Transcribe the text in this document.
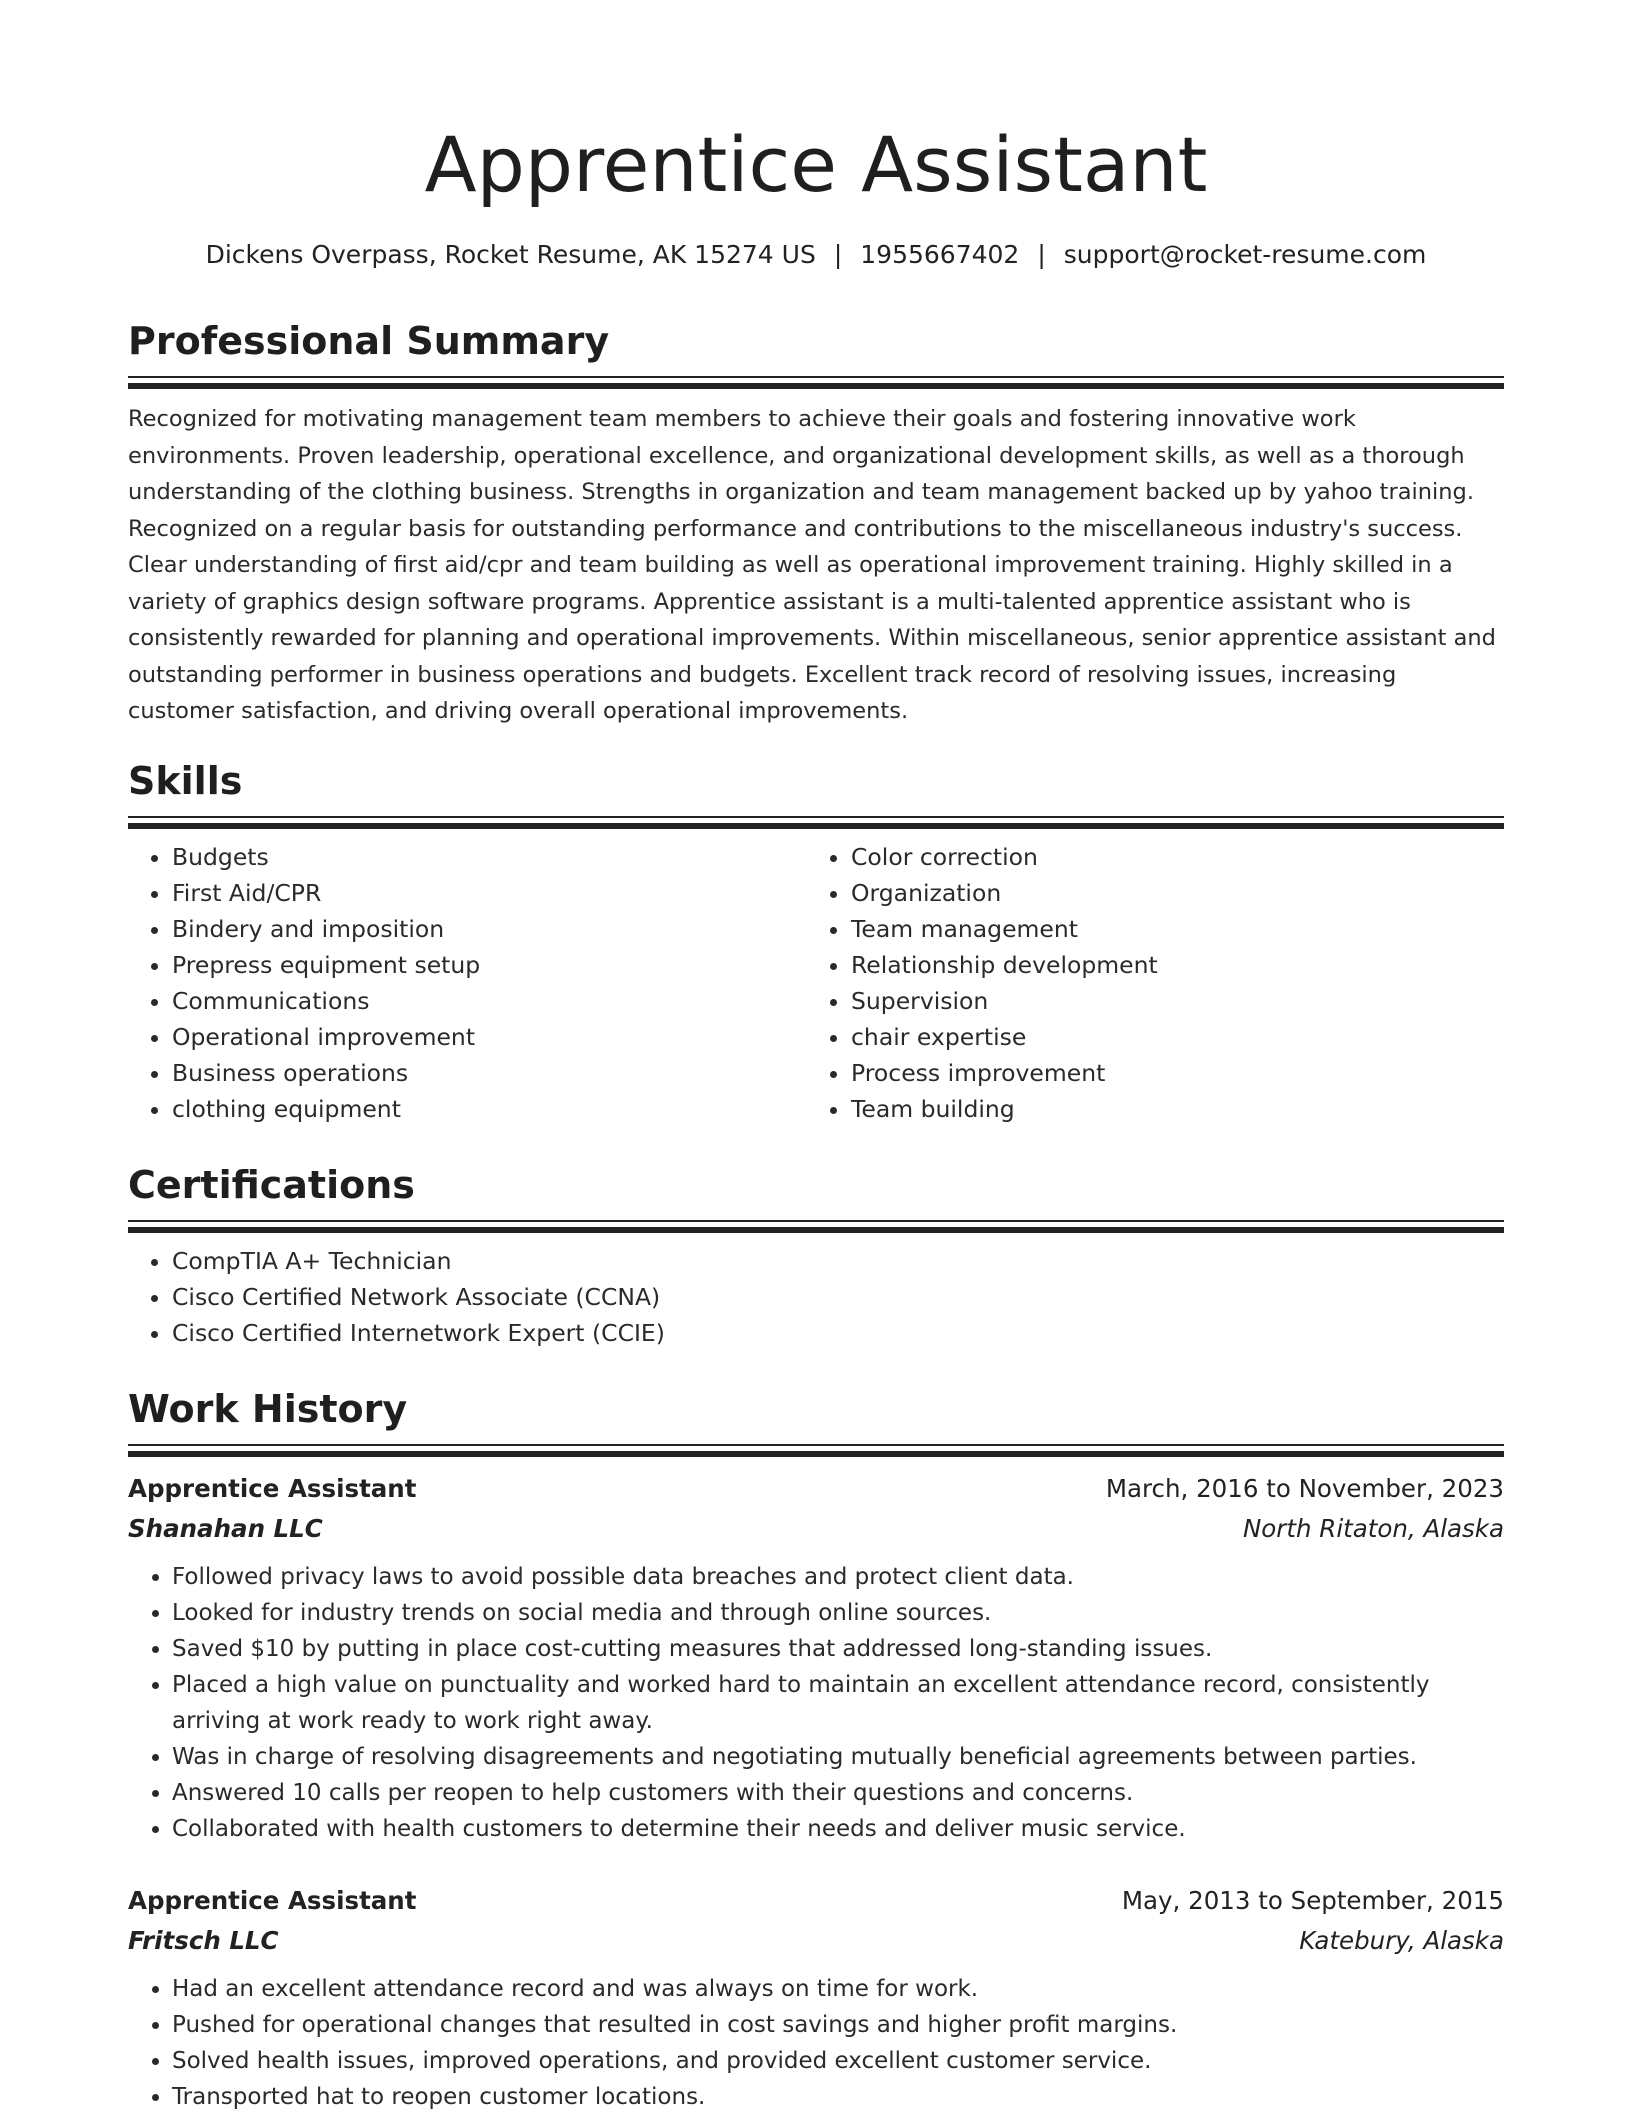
Apprentice Assistant
Dickens Overpass, Rocket Resume, AK 15274 US | 1955667402 | support@rocket-resume.com
Professional Summary
Recognized for motivating management team members to achieve their goals and fostering innovative work environments. Proven leadership, operational excellence, and organizational development skills, as well as a thorough understanding of the clothing business. Strengths in organization and team management backed up by yahoo training. Recognized on a regular basis for outstanding performance and contributions to the miscellaneous industry's success. Clear understanding of first aid/cpr and team building as well as operational improvement training. Highly skilled in a variety of graphics design software programs. Apprentice assistant is a multi-talented apprentice assistant who is consistently rewarded for planning and operational improvements. Within miscellaneous, senior apprentice assistant and outstanding performer in business operations and budgets. Excellent track record of resolving issues, increasing customer satisfaction, and driving overall operational improvements.
Skills
• Budgets
• First Aid/CPR
• Bindery and imposition
• Prepress equipment setup
• Communications
• Operational improvement
• Business operations
• clothing equipment
• Color correction
• Organization
• Team management
• Relationship development
• Supervision
• chair expertise
• Process improvement
• Team building
Certifications
• CompTIA A+ Technician
• Cisco Certified Network Associate (CCNA)
• Cisco Certified Internetwork Expert (CCIE)
Work History
Apprentice Assistant	March, 2016 to November, 2023
Shanahan LLC	North Ritaton, Alaska
• Followed privacy laws to avoid possible data breaches and protect client data.
• Looked for industry trends on social media and through online sources.
• Saved $10 by putting in place cost-cutting measures that addressed long-standing issues.
• Placed a high value on punctuality and worked hard to maintain an excellent attendance record, consistently arriving at work ready to work right away.
• Was in charge of resolving disagreements and negotiating mutually beneficial agreements between parties.
• Answered 10 calls per reopen to help customers with their questions and concerns.
• Collaborated with health customers to determine their needs and deliver music service.
Apprentice Assistant	May, 2013 to September, 2015
Fritsch LLC	Katebury, Alaska
• Had an excellent attendance record and was always on time for work.
• Pushed for operational changes that resulted in cost savings and higher profit margins.
• Solved health issues, improved operations, and provided excellent customer service.
• Transported hat to reopen customer locations.
